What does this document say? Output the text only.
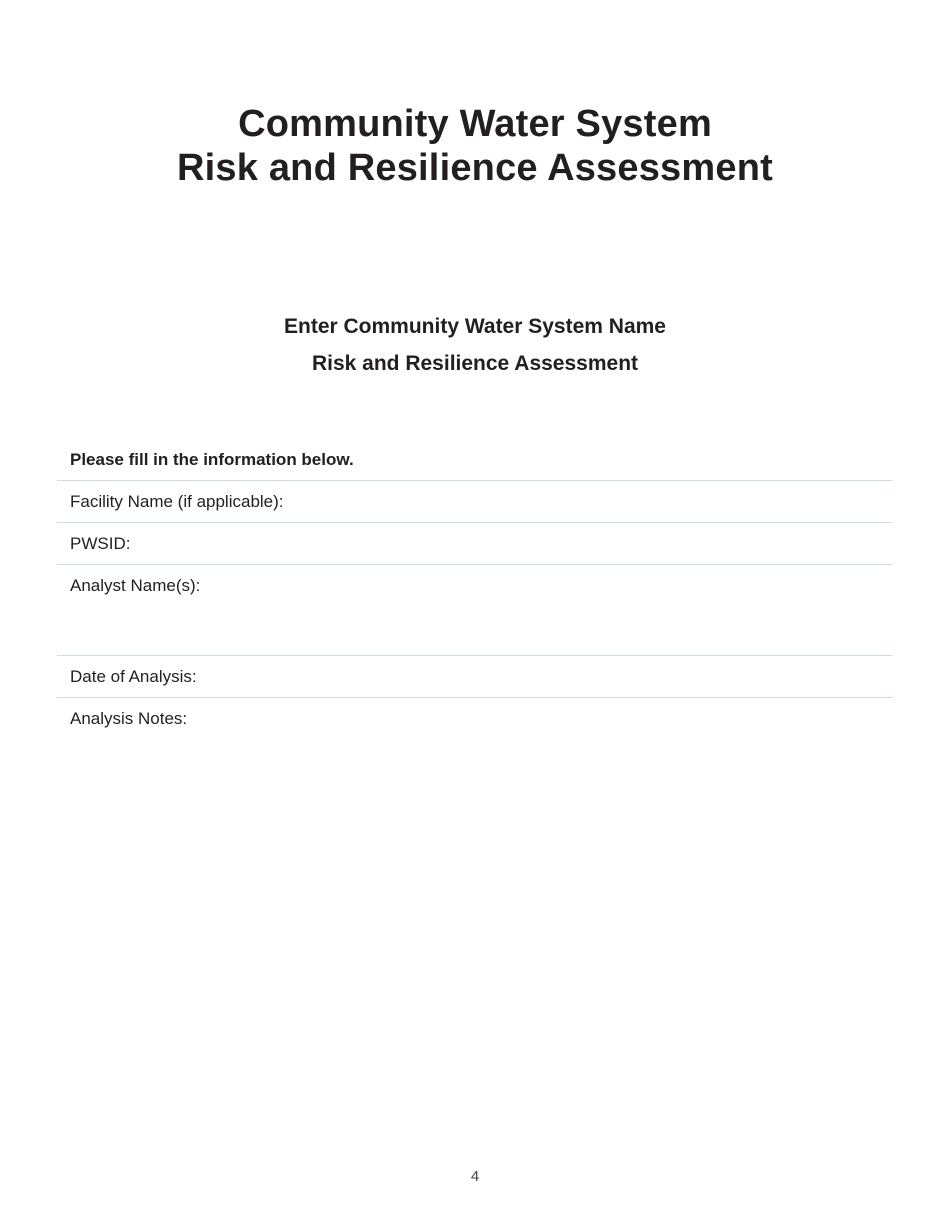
Community Water System
Risk and Resilience Assessment
Enter Community Water System Name
Risk and Resilience Assessment
Please fill in the information below.
Facility Name (if applicable):
PWSID:
Analyst Name(s):
Date of Analysis:
Analysis Notes:
4
